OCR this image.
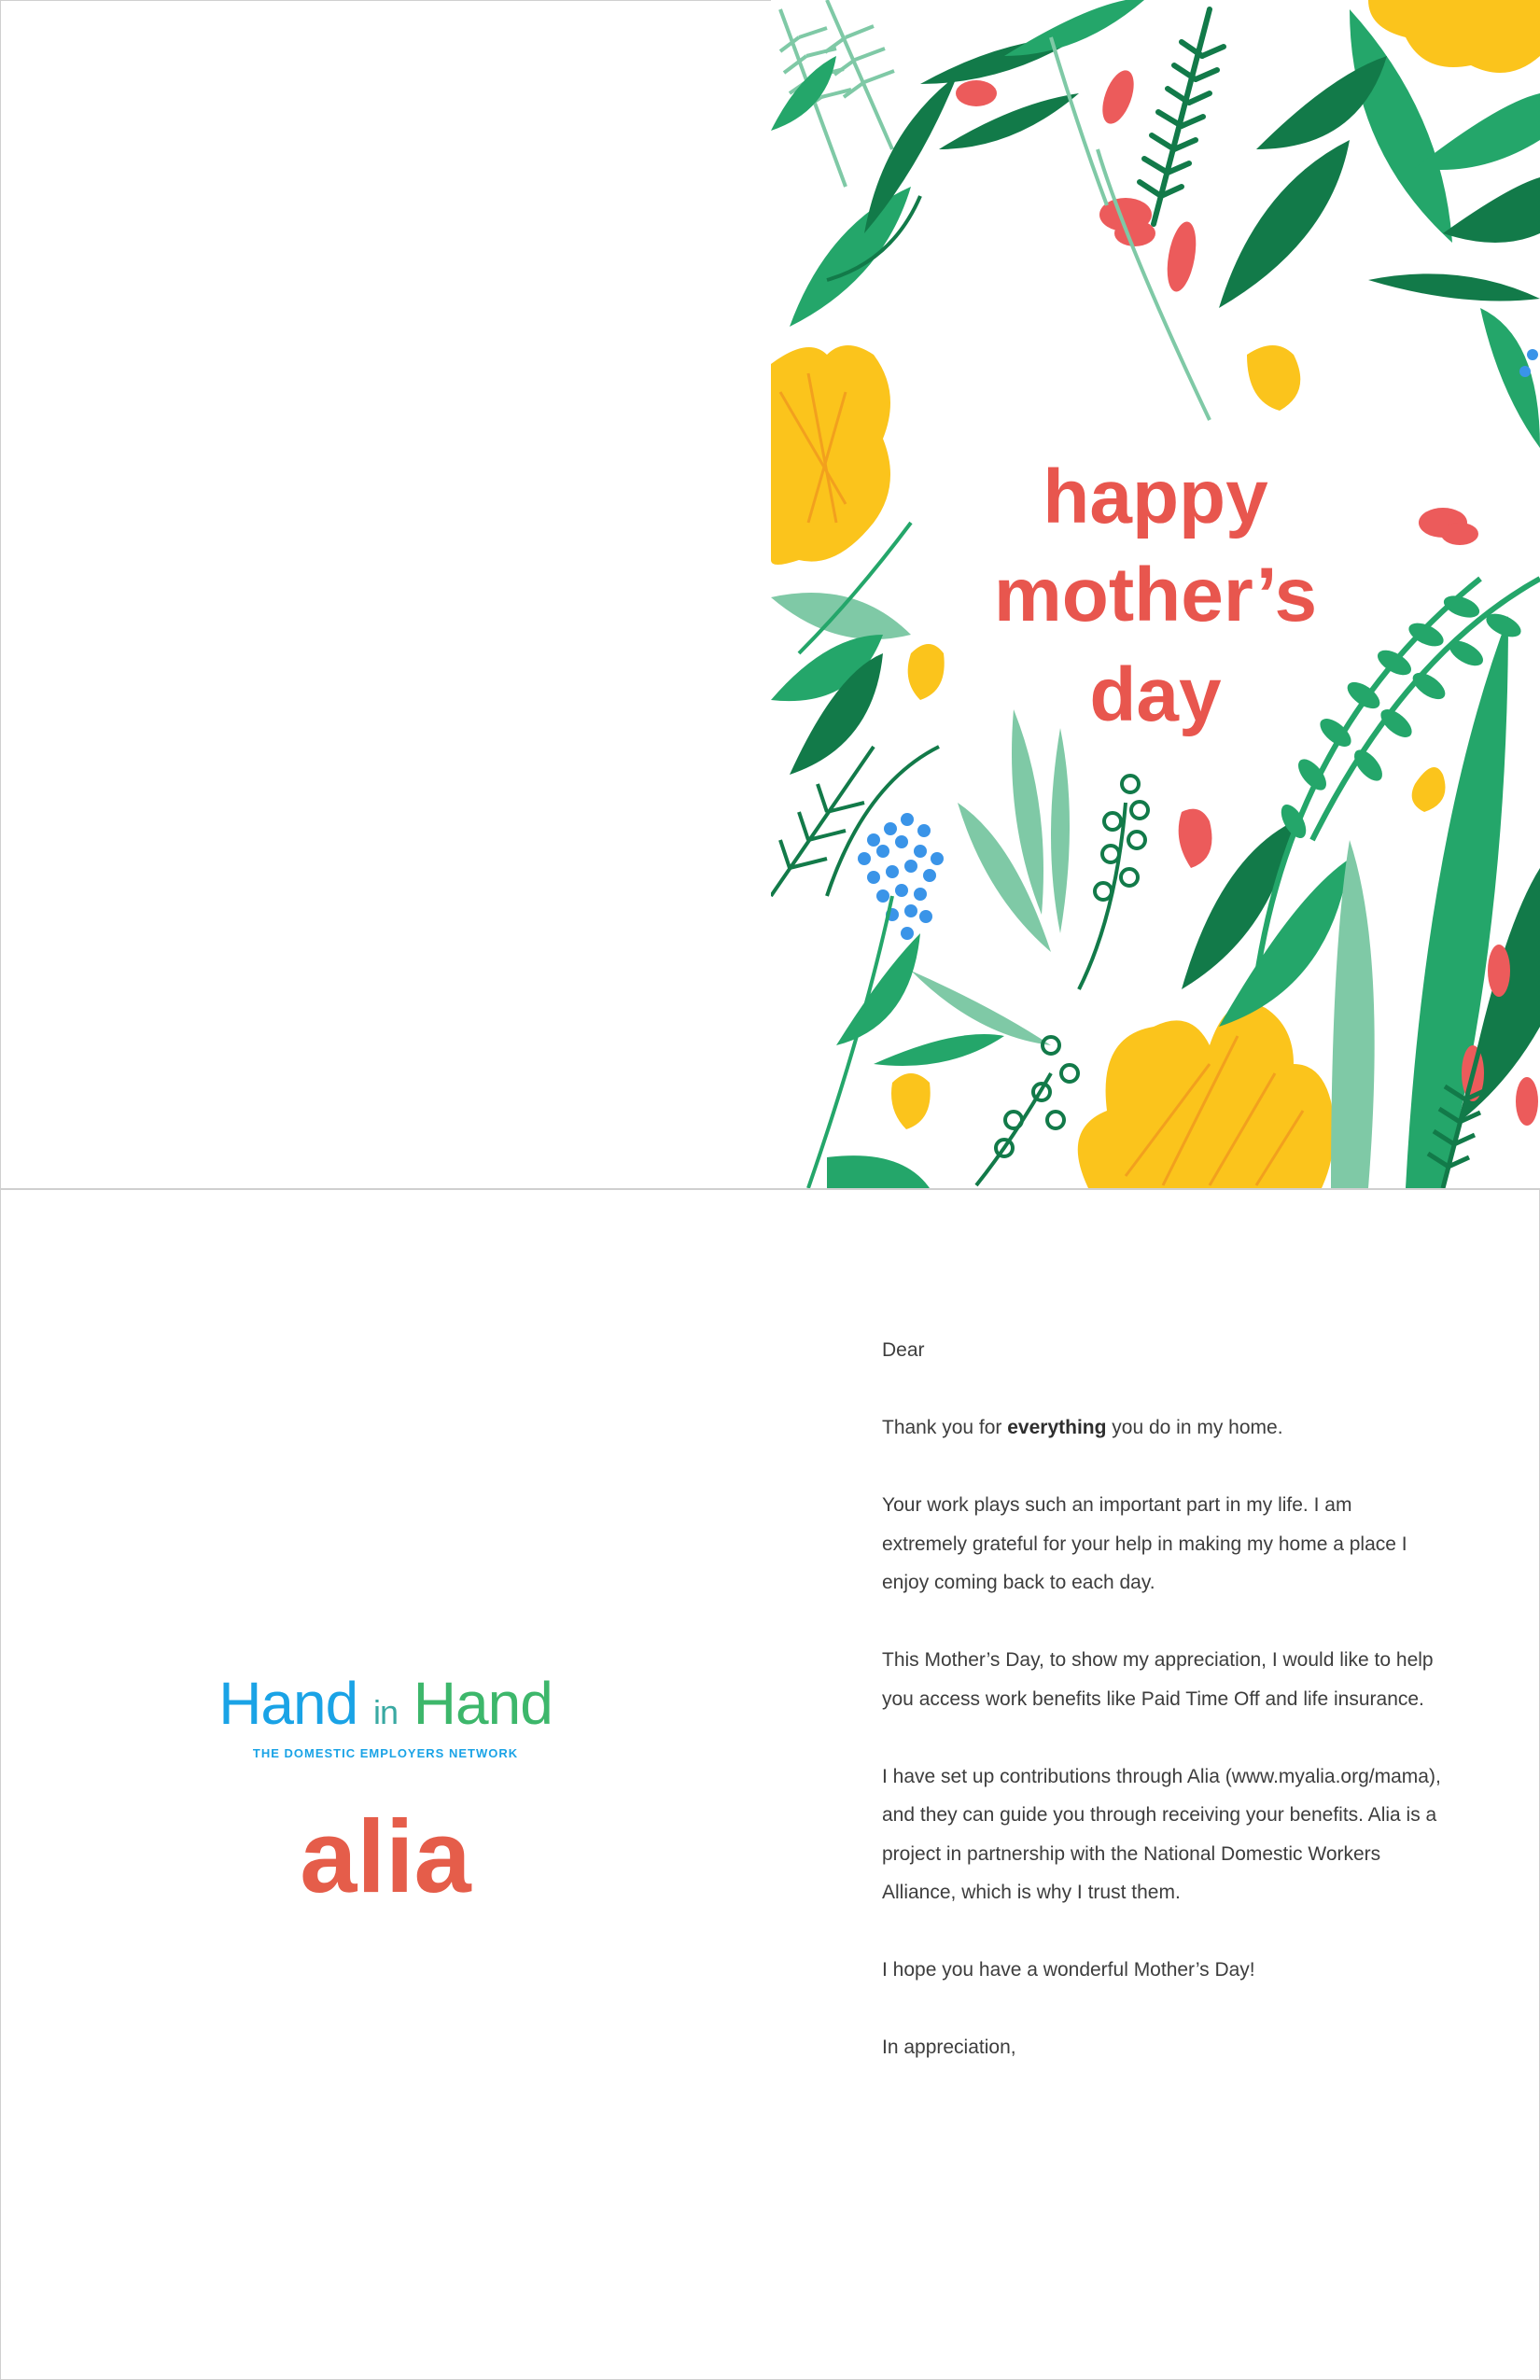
happy
mother’s
day
Hand in Hand
THE DOMESTIC EMPLOYERS NETWORK
alia

Dear

Thank you for everything you do in my home.

Your work plays such an important part in my life. I am extremely grateful for your help in making my home a place I enjoy coming back to each day.

This Mother’s Day, to show my appreciation, I would like to help you access work benefits like Paid Time Off and life insurance.

I have set up contributions through Alia (www.myalia.org/mama), and they can guide you through receiving your benefits. Alia is a project in partnership with the National Domestic Workers Alliance, which is why I trust them.

I hope you have a wonderful Mother’s Day!

In appreciation,
